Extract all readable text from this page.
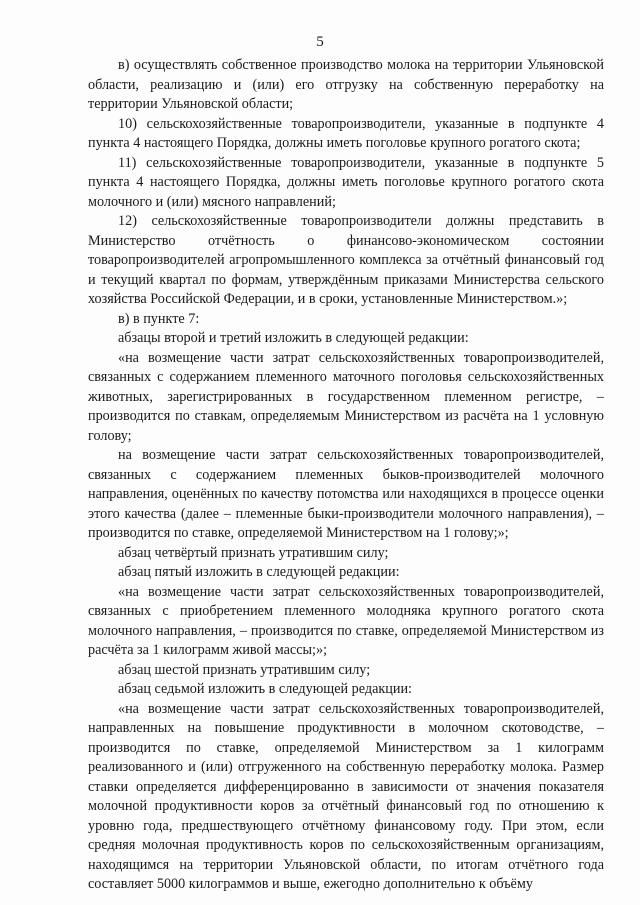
5

в) осуществлять собственное производство молока на территории Ульяновской области, реализацию и (или) его отгрузку на собственную переработку на территории Ульяновской области;

10) сельскохозяйственные товаропроизводители, указанные в подпункте 4 пункта 4 настоящего Порядка, должны иметь поголовье крупного рогатого скота;

11) сельскохозяйственные товаропроизводители, указанные в подпункте 5 пункта 4 настоящего Порядка, должны иметь поголовье крупного рогатого скота молочного и (или) мясного направлений;

12) сельскохозяйственные товаропроизводители должны представить в Министерство отчётность о финансово-экономическом состоянии товаропроизводителей агропромышленного комплекса за отчётный финансовый год и текущий квартал по формам, утверждённым приказами Министерства сельского хозяйства Российской Федерации, и в сроки, установленные Министерством.»;

в) в пункте 7:

абзацы второй и третий изложить в следующей редакции:

«на возмещение части затрат сельскохозяйственных товаропроизводителей, связанных с содержанием племенного маточного поголовья сельскохозяйственных животных, зарегистрированных в государственном племенном регистре, – производится по ставкам, определяемым Министерством из расчёта на 1 условную голову;

на возмещение части затрат сельскохозяйственных товаропроизводителей, связанных с содержанием племенных быков-производителей молочного направления, оценённых по качеству потомства или находящихся в процессе оценки этого качества (далее – племенные быки-производители молочного направления), – производится по ставке, определяемой Министерством на 1 голову;»;

абзац четвёртый признать утратившим силу;

абзац пятый изложить в следующей редакции:

«на возмещение части затрат сельскохозяйственных товаропроизводителей, связанных с приобретением племенного молодняка крупного рогатого скота молочного направления, – производится по ставке, определяемой Министерством из расчёта за 1 килограмм живой массы;»;

абзац шестой признать утратившим силу;

абзац седьмой изложить в следующей редакции:

«на возмещение части затрат сельскохозяйственных товаропроизводителей, направленных на повышение продуктивности в молочном скотоводстве, – производится по ставке, определяемой Министерством за 1 килограмм реализованного и (или) отгруженного на собственную переработку молока. Размер ставки определяется дифференцированно в зависимости от значения показателя молочной продуктивности коров за отчётный финансовый год по отношению к уровню года, предшествующего отчётному финансовому году. При этом, если средняя молочная продуктивность коров по сельскохозяйственным организациям, находящимся на территории Ульяновской области, по итогам отчётного года составляет 5000 килограммов и выше, ежегодно дополнительно к объёму
